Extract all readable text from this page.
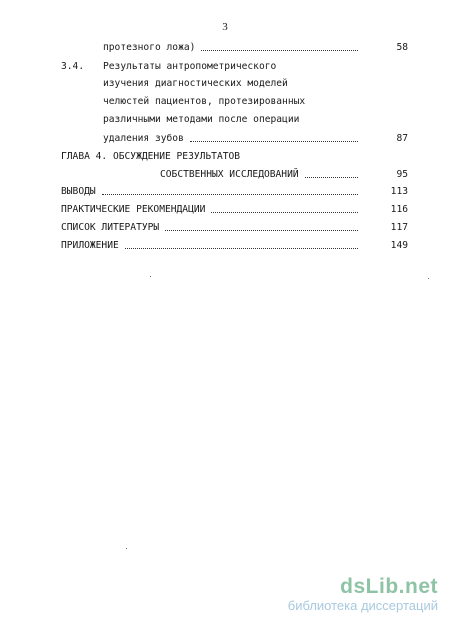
3
протезного ложа)	58
3.4. Результаты антропометрического
изучения диагностических моделей
челюстей пациентов, протезированных
различными методами после операции
удаления зубов	87
ГЛАВА 4. ОБСУЖДЕНИЕ РЕЗУЛЬТАТОВ
СОБСТВЕННЫХ ИССЛЕДОВАНИЙ	95
ВЫВОДЫ	113
ПРАКТИЧЕСКИЕ РЕКОМЕНДАЦИИ	116
СПИСОК ЛИТЕРАТУРЫ	117
ПРИЛОЖЕНИЕ	149
dsLib.net
библиотека диссертаций
